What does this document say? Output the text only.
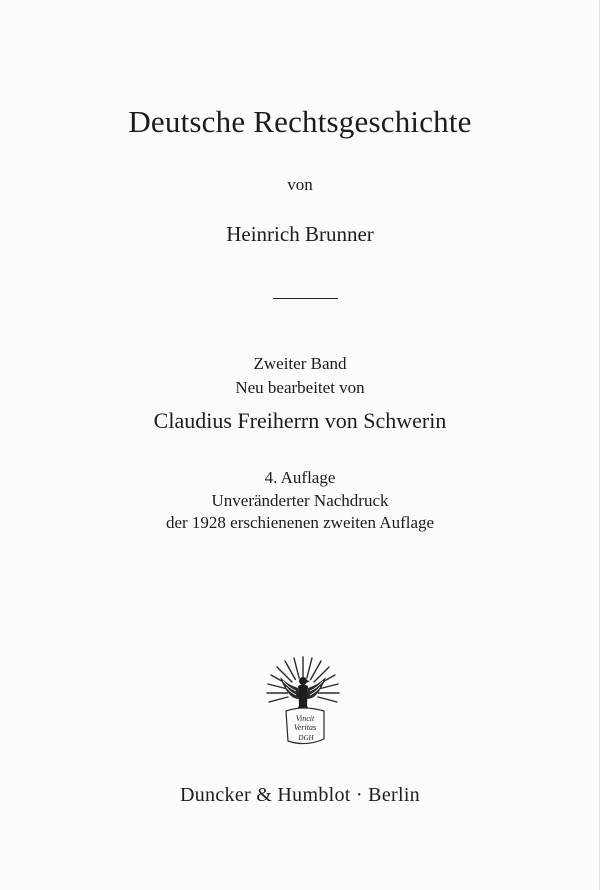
Deutsche Rechtsgeschichte
von
Heinrich Brunner
Zweiter Band
Neu bearbeitet von
Claudius Freiherrn von Schwerin
4. Auflage
Unveränderter Nachdruck
der 1928 erschienenen zweiten Auflage
Vincit
Veritas
DGH
Duncker & Humblot · Berlin
